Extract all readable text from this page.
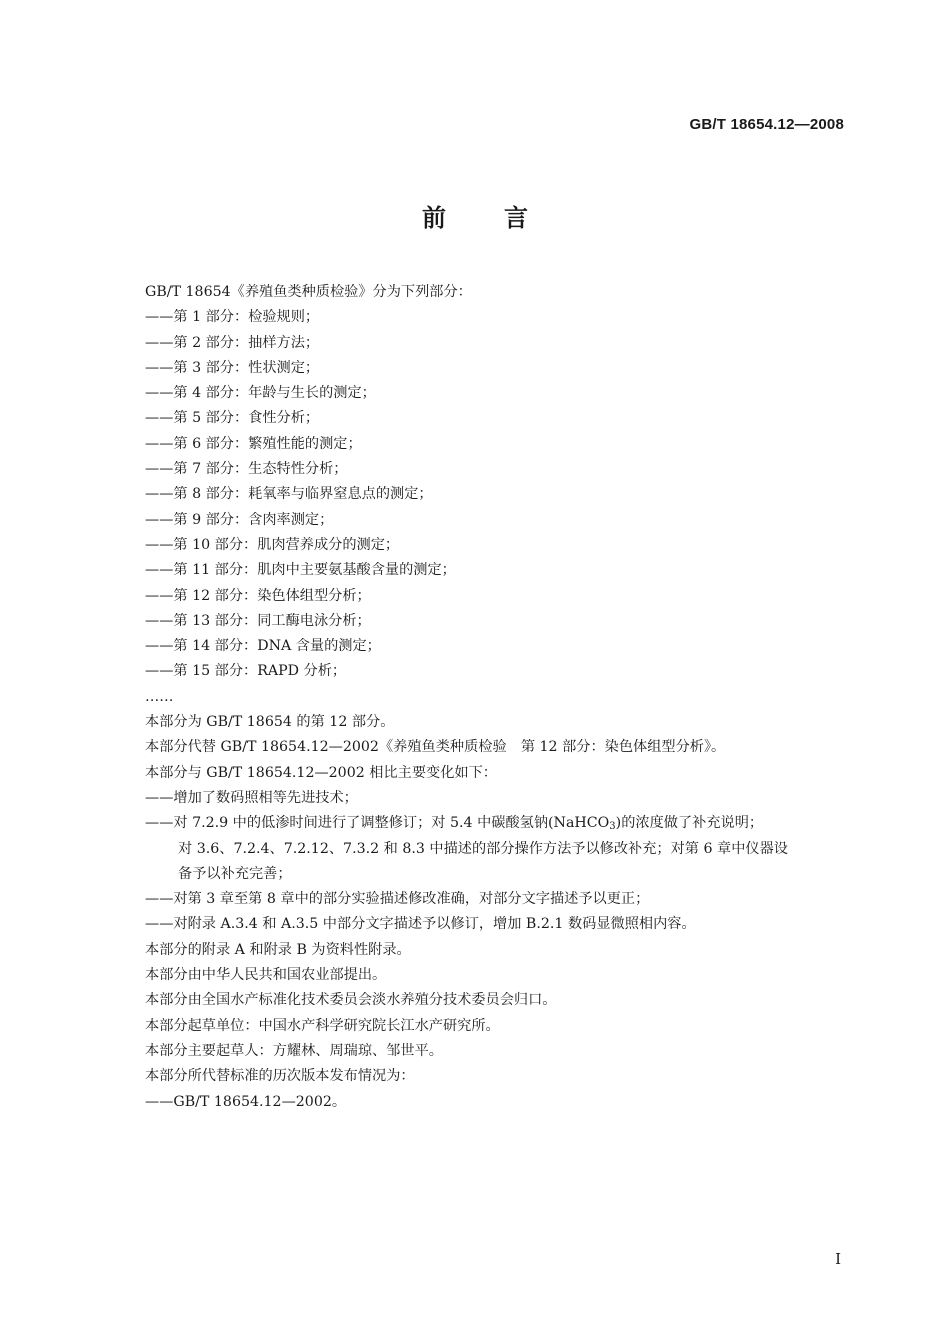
GB/T 18654.12—2008
前言
GB/T 18654《养殖鱼类种质检验》分为下列部分：
——第 1 部分：检验规则；
——第 2 部分：抽样方法；
——第 3 部分：性状测定；
——第 4 部分：年龄与生长的测定；
——第 5 部分：食性分析；
——第 6 部分：繁殖性能的测定；
——第 7 部分：生态特性分析；
——第 8 部分：耗氧率与临界窒息点的测定；
——第 9 部分：含肉率测定；
——第 10 部分：肌肉营养成分的测定；
——第 11 部分：肌肉中主要氨基酸含量的测定；
——第 12 部分：染色体组型分析；
——第 13 部分：同工酶电泳分析；
——第 14 部分：DNA 含量的测定；
——第 15 部分：RAPD 分析；
……
本部分为 GB/T 18654 的第 12 部分。
本部分代替 GB/T 18654.12—2002《养殖鱼类种质检验　第 12 部分：染色体组型分析》。
本部分与 GB/T 18654.12—2002 相比主要变化如下：
——增加了数码照相等先进技术；
——对 7.2.9 中的低渗时间进行了调整修订；对 5.4 中碳酸氢钠(NaHCO$_3$)的浓度做了补充说明；
对 3.6、7.2.4、7.2.12、7.3.2 和 8.3 中描述的部分操作方法予以修改补充；对第 6 章中仪器设
备予以补充完善；
——对第 3 章至第 8 章中的部分实验描述修改准确，对部分文字描述予以更正；
——对附录 A.3.4 和 A.3.5 中部分文字描述予以修订，增加 B.2.1 数码显微照相内容。
本部分的附录 A 和附录 B 为资料性附录。
本部分由中华人民共和国农业部提出。
本部分由全国水产标准化技术委员会淡水养殖分技术委员会归口。
本部分起草单位：中国水产科学研究院长江水产研究所。
本部分主要起草人：方耀林、周瑞琼、邹世平。
本部分所代替标准的历次版本发布情况为：
——GB/T 18654.12—2002。
I
